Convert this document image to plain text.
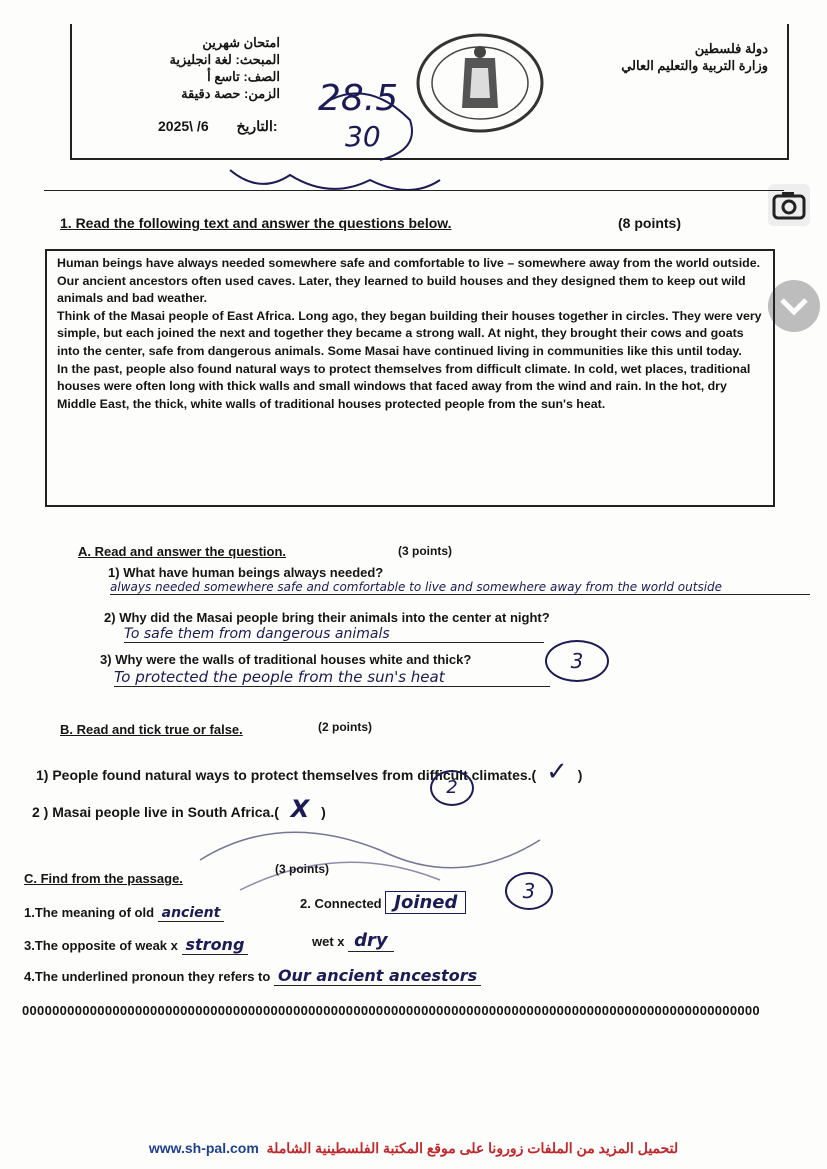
دولة فلسطين
وزارة التربية والتعليم العالي
امتحان شهرين
المبحث: لغة انجليزية
الصف: تاسع أ
الزمن: حصة دقيقة
2025\ /6 التاريخ:
28.5
30
1. Read the following text and answer the questions below.	(8 points)

Human beings have always needed somewhere safe and comfortable to live – somewhere away from the world outside. Our ancient ancestors often used caves. Later, they learned to build houses and they designed them to keep out wild animals and bad weather.

Think of the Masai people of East Africa. Long ago, they began building their houses together in circles. They were very simple, but each joined the next and together they became a strong wall. At night, they brought their cows and goats into the center, safe from dangerous animals. Some Masai have continued living in communities like this until today.

In the past, people also found natural ways to protect themselves from difficult climate. In cold, wet places, traditional houses were often long with thick walls and small windows that faced away from the wind and rain. In the hot, dry Middle East, the thick, white walls of traditional houses protected people from the sun's heat.

A. Read and answer the question.	(3 points)
1) What have human beings always needed?
always needed somewhere safe and comfortable to live and somewhere away from the world outside
2) Why did the Masai people bring their animals into the center at night?
To safe them from dangerous animals
3) Why were the walls of traditional houses white and thick?
To protected the people from the sun's heat
3
B. Read and tick true or false.	(2 points)
1) People found natural ways to protect themselves from difficult climates.( ✓ )
2 ) Masai people live in South Africa.( X )
2
C. Find from the passage.
(3 points)
1.The meaning of old ancient
2. Connected Joined	3
3.The opposite of weak x strong	wet x dry
4.The underlined pronoun they refers to Our ancient ancestors
00000000000000000000000000000000000000000000000000000000000000000000000000000000000000000000000000
www.sh-pal.com لتحميل المزيد من الملفات زورونا على موقع المكتبة الفلسطينية الشاملة
